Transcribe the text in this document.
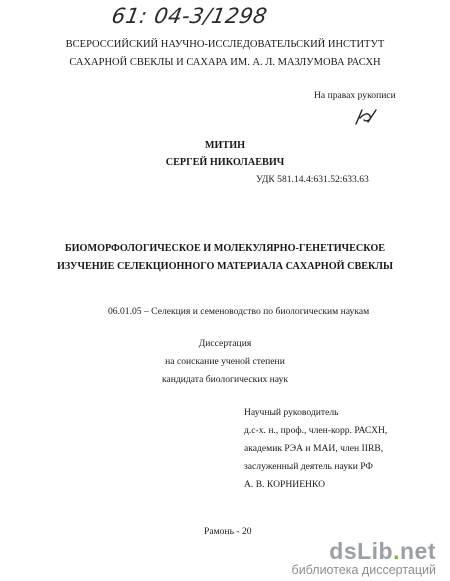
61: 04-3/1298
ВСЕРОССИЙСКИЙ НАУЧНО-ИССЛЕДОВАТЕЛЬСКИЙ ИНСТИТУТ
САХАРНОЙ СВЕКЛЫ И САХАРА ИМ. А. Л. МАЗЛУМОВА РАСХН
На правах рукописи
МИТИН
СЕРГЕЙ НИКОЛАЕВИЧ
УДК 581.14.4:631.52:633.63
БИОМОРФОЛОГИЧЕСКОЕ И МОЛЕКУЛЯРНО-ГЕНЕТИЧЕСКОЕ
ИЗУЧЕНИЕ СЕЛЕКЦИОННОГО МАТЕРИАЛА САХАРНОЙ СВЕКЛЫ
06.01.05 – Селекция и семеноводство по биологическим наукам
Диссертация
на соискание ученой степени
кандидата биологических наук
Научный руководитель
д.с-х. н., проф., член-корр. РАСХН,
академик РЭА и МАИ, член IIRB,
заслуженный деятель науки РФ
А. В. КОРНИЕНКО
Рамонь - 20
dsLib.net
библиотека диссертаций
